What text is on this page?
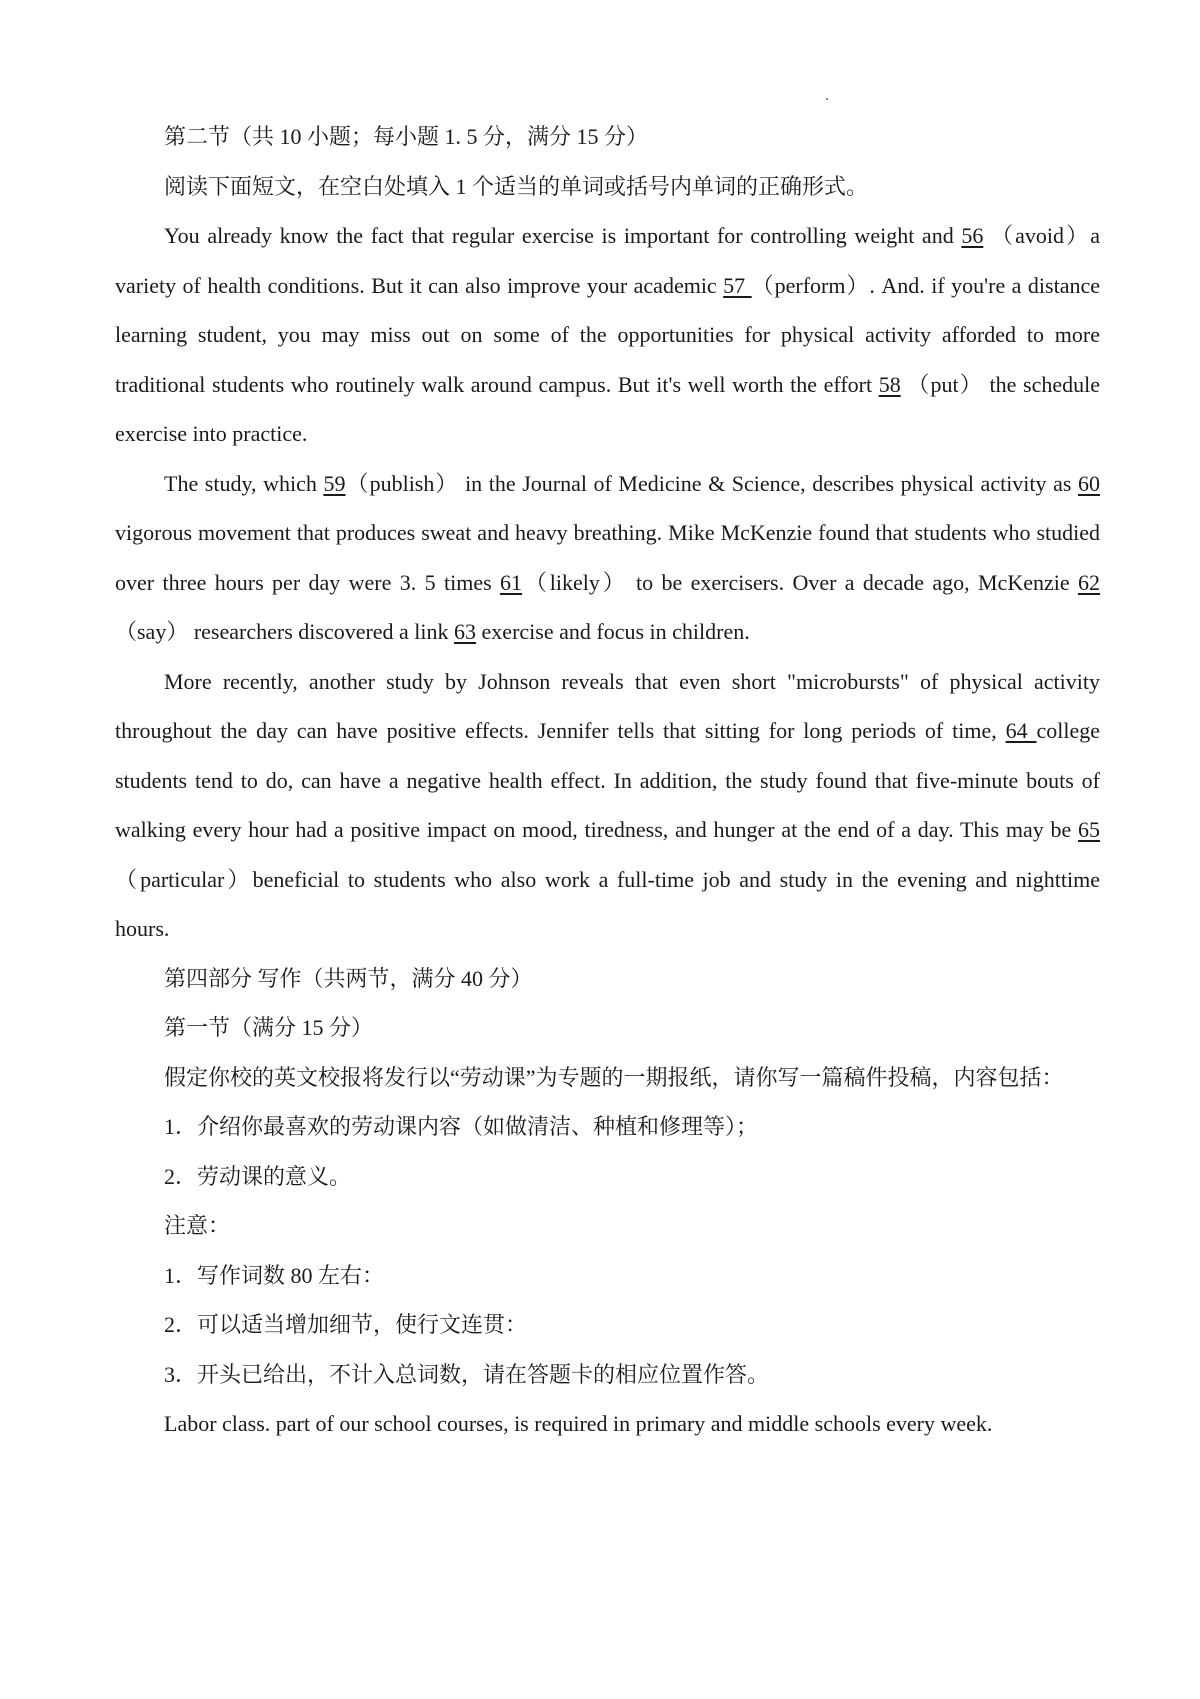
第二节（共 10 小题；每小题 1. 5 分，满分 15 分）

阅读下面短文，在空白处填入 1 个适当的单词或括号内单词的正确形式。

You already know the fact that regular exercise is important for controlling weight and 56 （avoid）a variety of health conditions. But it can also improve your academic 57 （perform）. And. if you're a distance learning student, you may miss out on some of the opportunities for physical activity afforded to more traditional students who routinely walk around campus. But it's well worth the effort 58 （put） the schedule exercise into practice.

The study, which 59（publish） in the Journal of Medicine & Science, describes physical activity as 60 vigorous movement that produces sweat and heavy breathing. Mike McKenzie found that students who studied over three hours per day were 3. 5 times 61（likely） to be exercisers. Over a decade ago, McKenzie 62 （say） researchers discovered a link 63 exercise and focus in children.

More recently, another study by Johnson reveals that even short "microbursts" of physical activity throughout the day can have positive effects. Jennifer tells that sitting for long periods of time, 64 college students tend to do, can have a negative health effect. In addition, the study found that five-minute bouts of walking every hour had a positive impact on mood, tiredness, and hunger at the end of a day. This may be 65（particular）beneficial to students who also work a full-time job and study in the evening and nighttime hours.

第四部分 写作（共两节，满分 40 分）

第一节（满分 15 分）

假定你校的英文校报将发行以“劳动课”为专题的一期报纸，请你写一篇稿件投稿，内容包括：

1．介绍你最喜欢的劳动课内容（如做清洁、种植和修理等）；

2．劳动课的意义。

注意：

1．写作词数 80 左右：

2．可以适当增加细节，使行文连贯：

3．开头已给出，不计入总词数，请在答题卡的相应位置作答。

Labor class. part of our school courses, is required in primary and middle schools every week.
